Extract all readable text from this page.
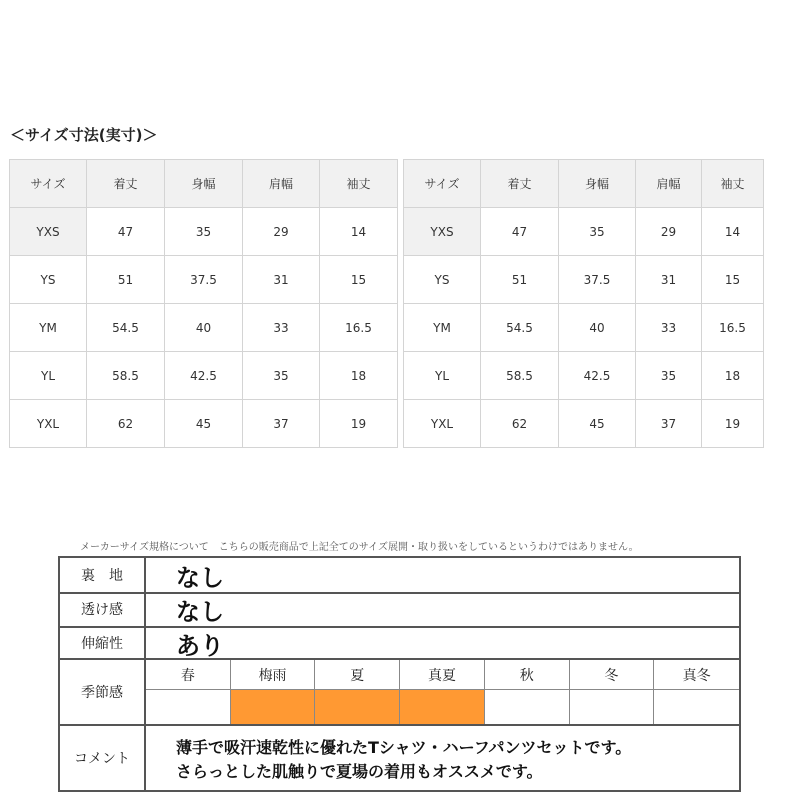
＜サイズ寸法(実寸)＞
サイズ	着丈	身幅	肩幅	袖丈
YXS	47	35	29	14
YS	51	37.5	31	15
YM	54.5	40	33	16.5
YL	58.5	42.5	35	18
YXL	62	45	37	19
サイズ	着丈	身幅	肩幅	袖丈
YXS	47	35	29	14
YS	51	37.5	31	15
YM	54.5	40	33	16.5
YL	58.5	42.5	35	18
YXL	62	45	37	19
メーカーサイズ規格について　こちらの販売商品で上記全てのサイズ展開・取り扱いをしているというわけではありません。
裏　地	なし
透け感	なし
伸縮性	あり
季節感
春	梅雨	夏	真夏	秋	冬	真冬
コメント
薄手で吸汗速乾性に優れたTシャツ・ハーフパンツセットです。
さらっとした肌触りで夏場の着用もオススメです。
